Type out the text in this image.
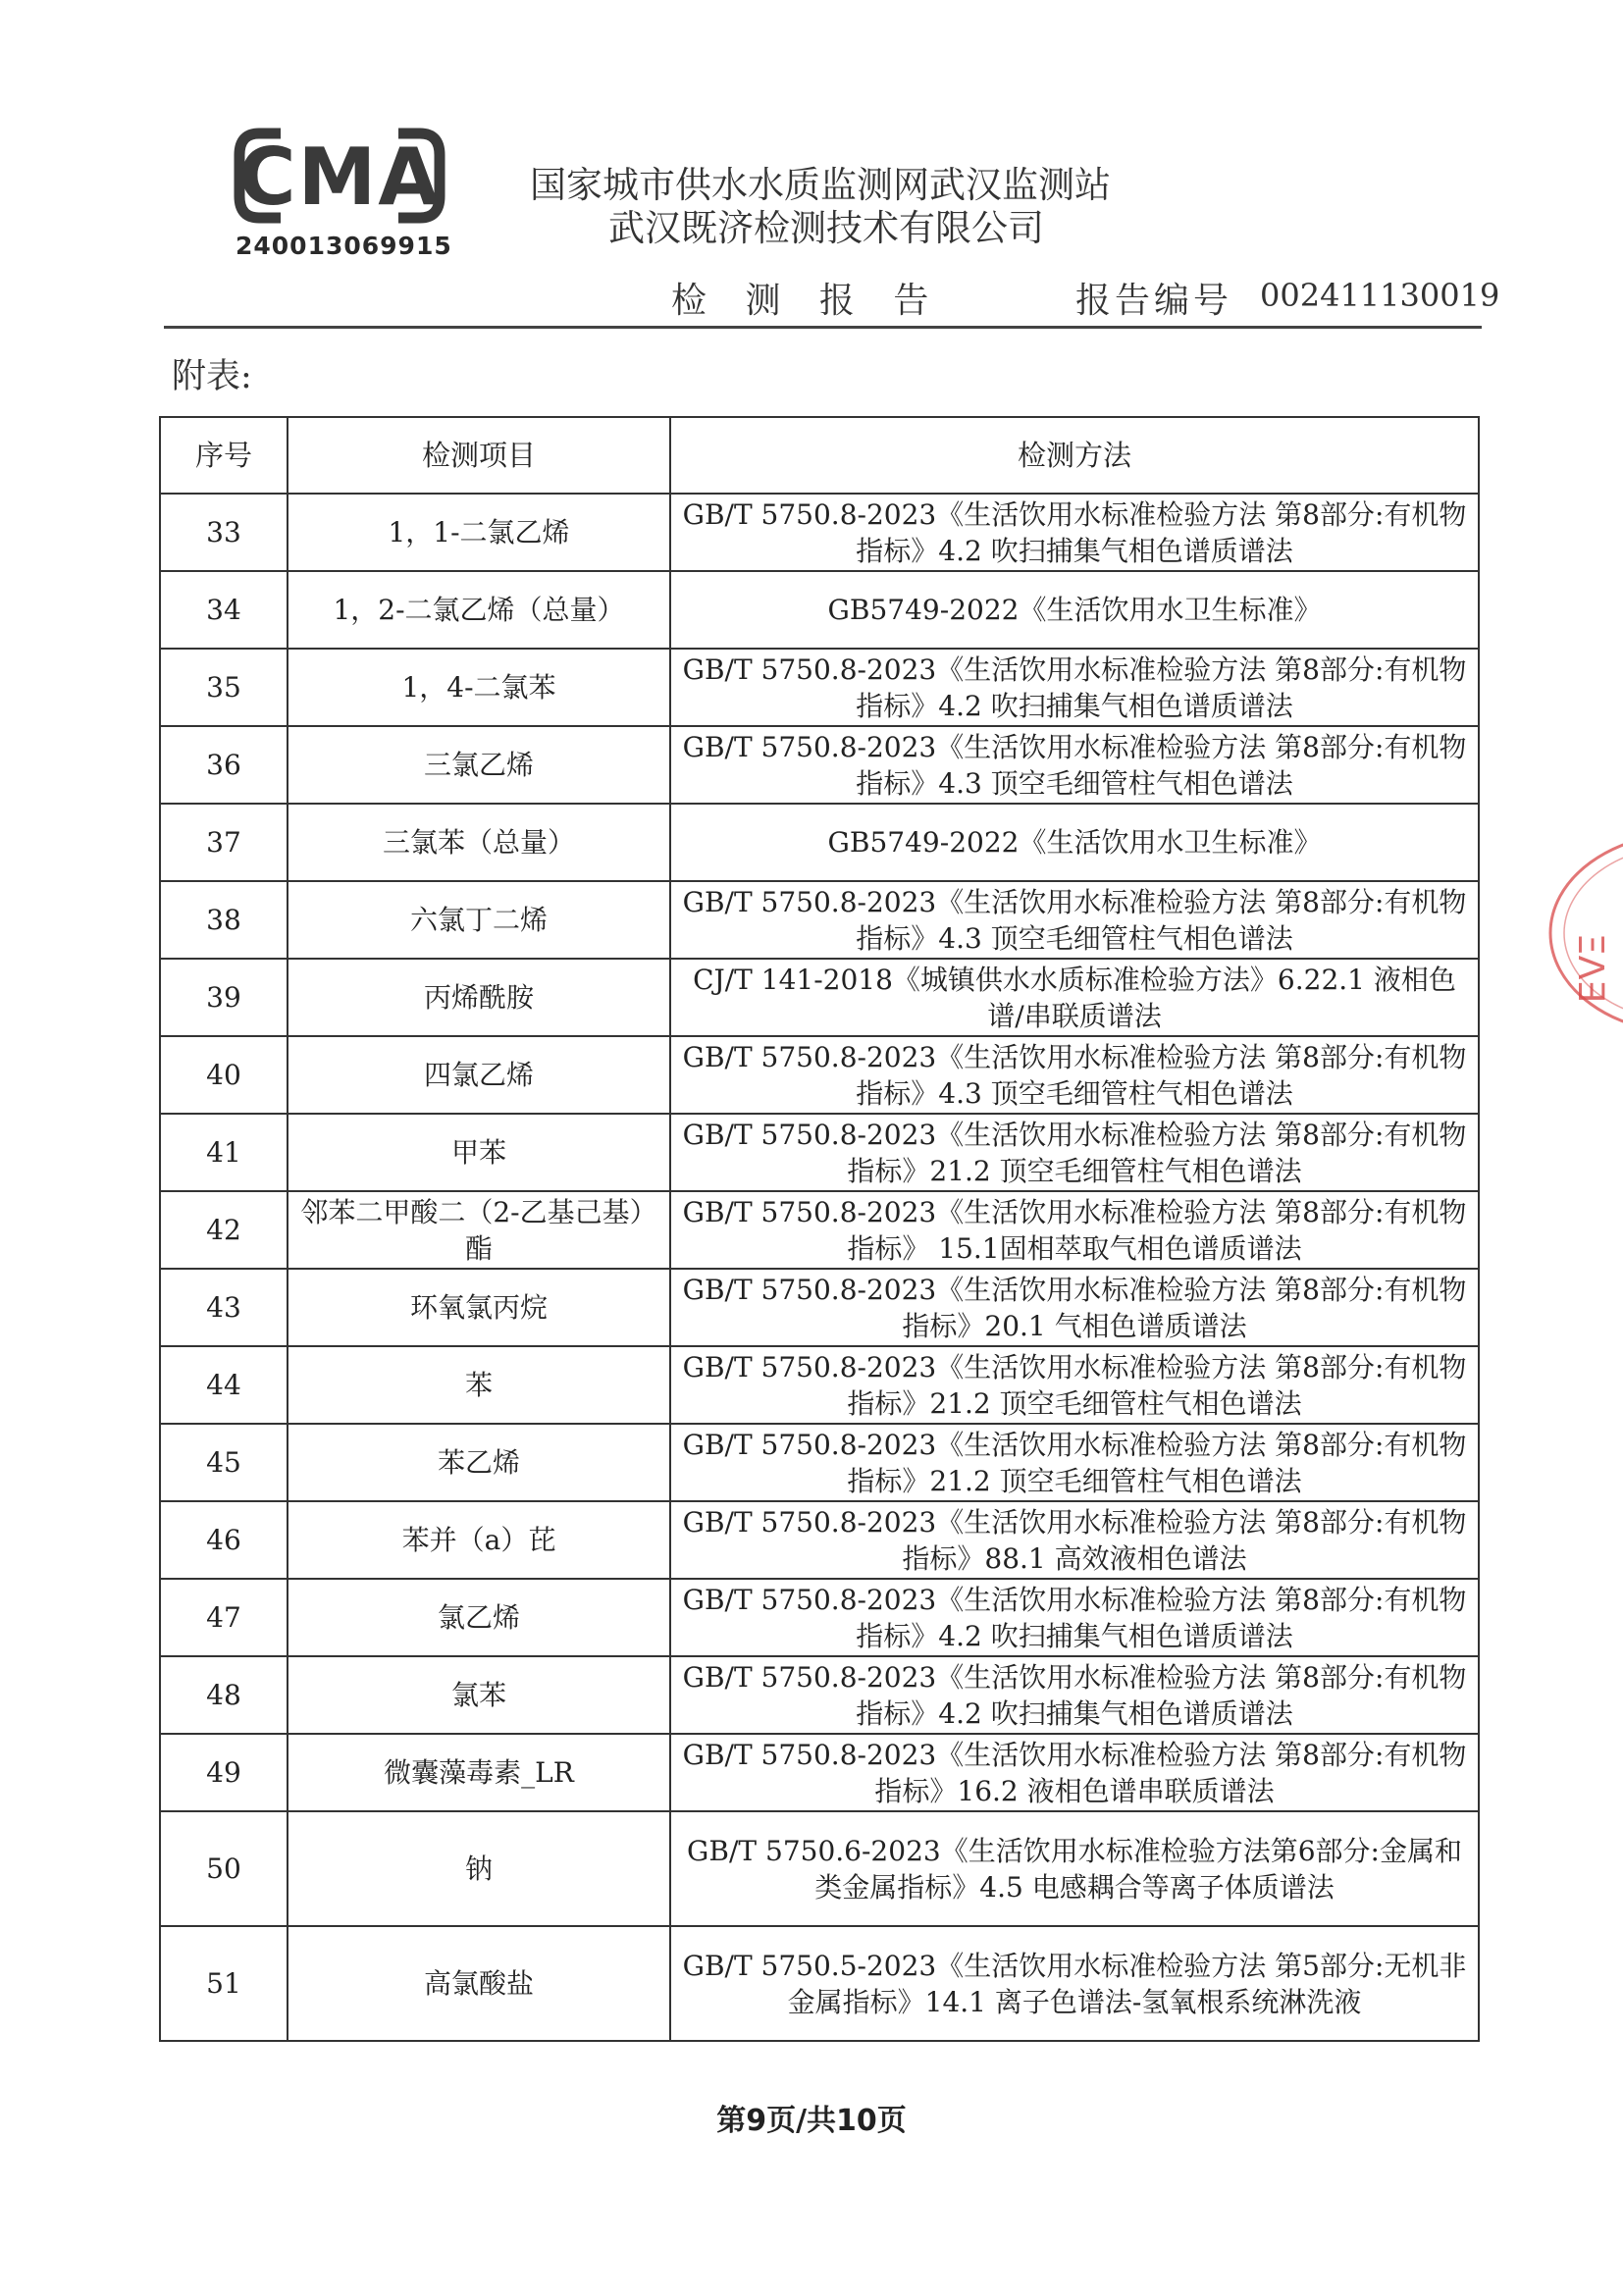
CMA
240013069915
国家城市供水水质监测网武汉监测站
武汉既济检测技术有限公司
检 测 报 告	报告编号 002411130019
附表:
序号	检测项目	检测方法
33	1，1-二氯乙烯	GB/T 5750.8-2023《生活饮用水标准检验方法 第8部分:有机物指标》4.2 吹扫捕集气相色谱质谱法
34	1，2-二氯乙烯（总量）	GB5749-2022《生活饮用水卫生标准》
35	1，4-二氯苯	GB/T 5750.8-2023《生活饮用水标准检验方法 第8部分:有机物指标》4.2 吹扫捕集气相色谱质谱法
36	三氯乙烯	GB/T 5750.8-2023《生活饮用水标准检验方法 第8部分:有机物指标》4.3 顶空毛细管柱气相色谱法
37	三氯苯（总量）	GB5749-2022《生活饮用水卫生标准》
38	六氯丁二烯	GB/T 5750.8-2023《生活饮用水标准检验方法 第8部分:有机物指标》4.3 顶空毛细管柱气相色谱法
39	丙烯酰胺	CJ/T 141-2018《城镇供水水质标准检验方法》6.22.1 液相色谱/串联质谱法
40	四氯乙烯	GB/T 5750.8-2023《生活饮用水标准检验方法 第8部分:有机物指标》4.3 顶空毛细管柱气相色谱法
41	甲苯	GB/T 5750.8-2023《生活饮用水标准检验方法 第8部分:有机物指标》21.2 顶空毛细管柱气相色谱法
42	邻苯二甲酸二（2-乙基己基）酯	GB/T 5750.8-2023《生活饮用水标准检验方法 第8部分:有机物指标》 15.1固相萃取气相色谱质谱法
43	环氧氯丙烷	GB/T 5750.8-2023《生活饮用水标准检验方法 第8部分:有机物指标》20.1 气相色谱质谱法
44	苯	GB/T 5750.8-2023《生活饮用水标准检验方法 第8部分:有机物指标》21.2 顶空毛细管柱气相色谱法
45	苯乙烯	GB/T 5750.8-2023《生活饮用水标准检验方法 第8部分:有机物指标》21.2 顶空毛细管柱气相色谱法
46	苯并（a）芘	GB/T 5750.8-2023《生活饮用水标准检验方法 第8部分:有机物指标》88.1 高效液相色谱法
47	氯乙烯	GB/T 5750.8-2023《生活饮用水标准检验方法 第8部分:有机物指标》4.2 吹扫捕集气相色谱质谱法
48	氯苯	GB/T 5750.8-2023《生活饮用水标准检验方法 第8部分:有机物指标》4.2 吹扫捕集气相色谱质谱法
49	微囊藻毒素_LR	GB/T 5750.8-2023《生活饮用水标准检验方法 第8部分:有机物指标》16.2 液相色谱串联质谱法
50	钠	GB/T 5750.6-2023《生活饮用水标准检验方法第6部分:金属和类金属指标》4.5 电感耦合等离子体质谱法
51	高氯酸盐	GB/T 5750.5-2023《生活饮用水标准检验方法 第5部分:无机非金属指标》14.1 离子色谱法-氢氧根系统淋洗液
ΞΛ∃
第9页/共10页
